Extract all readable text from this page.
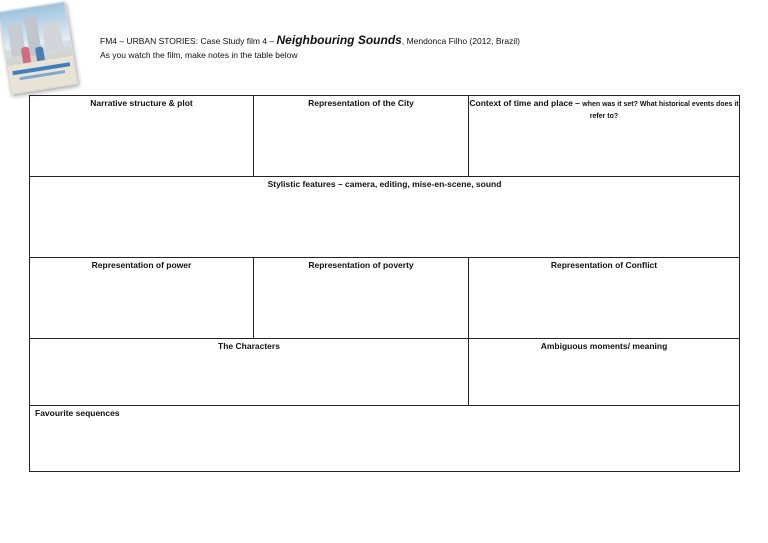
FM4 – URBAN STORIES: Case Study film 4 – Neighbouring Sounds, Mendonca Filho (2012, Brazil)
As you watch the film, make notes in the table below
Narrative structure & plot	Representation of the City	Context of time and place – when was it set? What historical events does it refer to?
Stylistic features – camera, editing, mise-en-scene, sound
Representation of power	Representation of poverty	Representation of Conflict
The Characters	Ambiguous moments/ meaning
Favourite sequences
